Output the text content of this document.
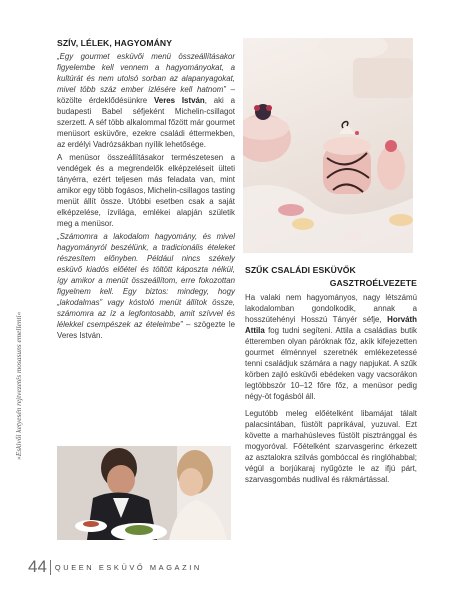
»Eskivői ketyesén rejtvezetés mosasuns emellenti«
SZÍV, LÉLEK, HAGYOMÁNY

„Egy gourmet esküvői menü összeállításakor figyelembe kell vennem a hagyományokat, a kultúrát és nem utolsó sorban az alapanyagokat, mivel több száz ember ízlésére kell hatnom” – közölte érdeklődésünkre Veres István, aki a budapesti Babel séfjeként Michelin-csillagot szerzett. A séf több alkalommal főzött már gourmet menüsort esküvőre, ezekre családi éttermekben, az erdélyi Vadrózsákban nyílik lehetősége.

A menüsor összeállításakor természetesen a vendégek és a megrendelők elképzeléseit ülteti tányérra, ezért teljesen más feladata van, mint amikor egy több fogásos, Michelin-csillagos tasting menüt állít össze. Utóbbi esetben csak a saját elképzelése, ízvilága, emlékei alapján születik meg a menüsor.

„Számomra a lakodalom hagyomány, és mivel hagyományról beszélünk, a tradicionális ételeket részesítem előnyben. Például nincs székely esküvő kiadós előétel és töltött káposzta nélkül, így amikor a menüt összeállítom, erre fokozottan figyelnem kell. Egy biztos: mindegy, hogy „lakodalmas” vagy kóstoló menüt állítok össze, számomra az íz a legfontosabb, amit szívvel és lélekkel csempészek az ételeimbe” – szögezte le Veres István.

SZŰK CSALÁDI ESKÜVŐK
GASZTROÉLVEZETE

Ha valaki nem hagyományos, nagy létszámú lakodalomban gondolkodik, annak a hosszútehényi Hosszú Tányér séfje, Horváth Attila fog tudni segíteni. Attila a családias butik étteremben olyan páróknak főz, akik kifejezetten gourmet élménnyel szeretnék emlékezetessé tenni családjuk számára a nagy napjukat. A szűk körben zajló esküvői ebédeken vagy vacsorákon legtöbbször 10–12 főre főz, a menüsor pedig négy-öt fogásból áll.

Legutóbb meleg előételként libamájat tálalt palacsintában, füstölt paprikával, yuzuval. Ezt követte a marhahúsleves füstölt pisztránggal és mogyoróval. Főételként szarvasgerinc érkezett az asztalokra szilvás gombóccal és ringlóhabbal; végül a borjúkaraj nyűgözte le az ifjú párt, szarvasgombás nudlival és rákmártással.

44 QUEEN ESKÜVŐ MAGAZIN
